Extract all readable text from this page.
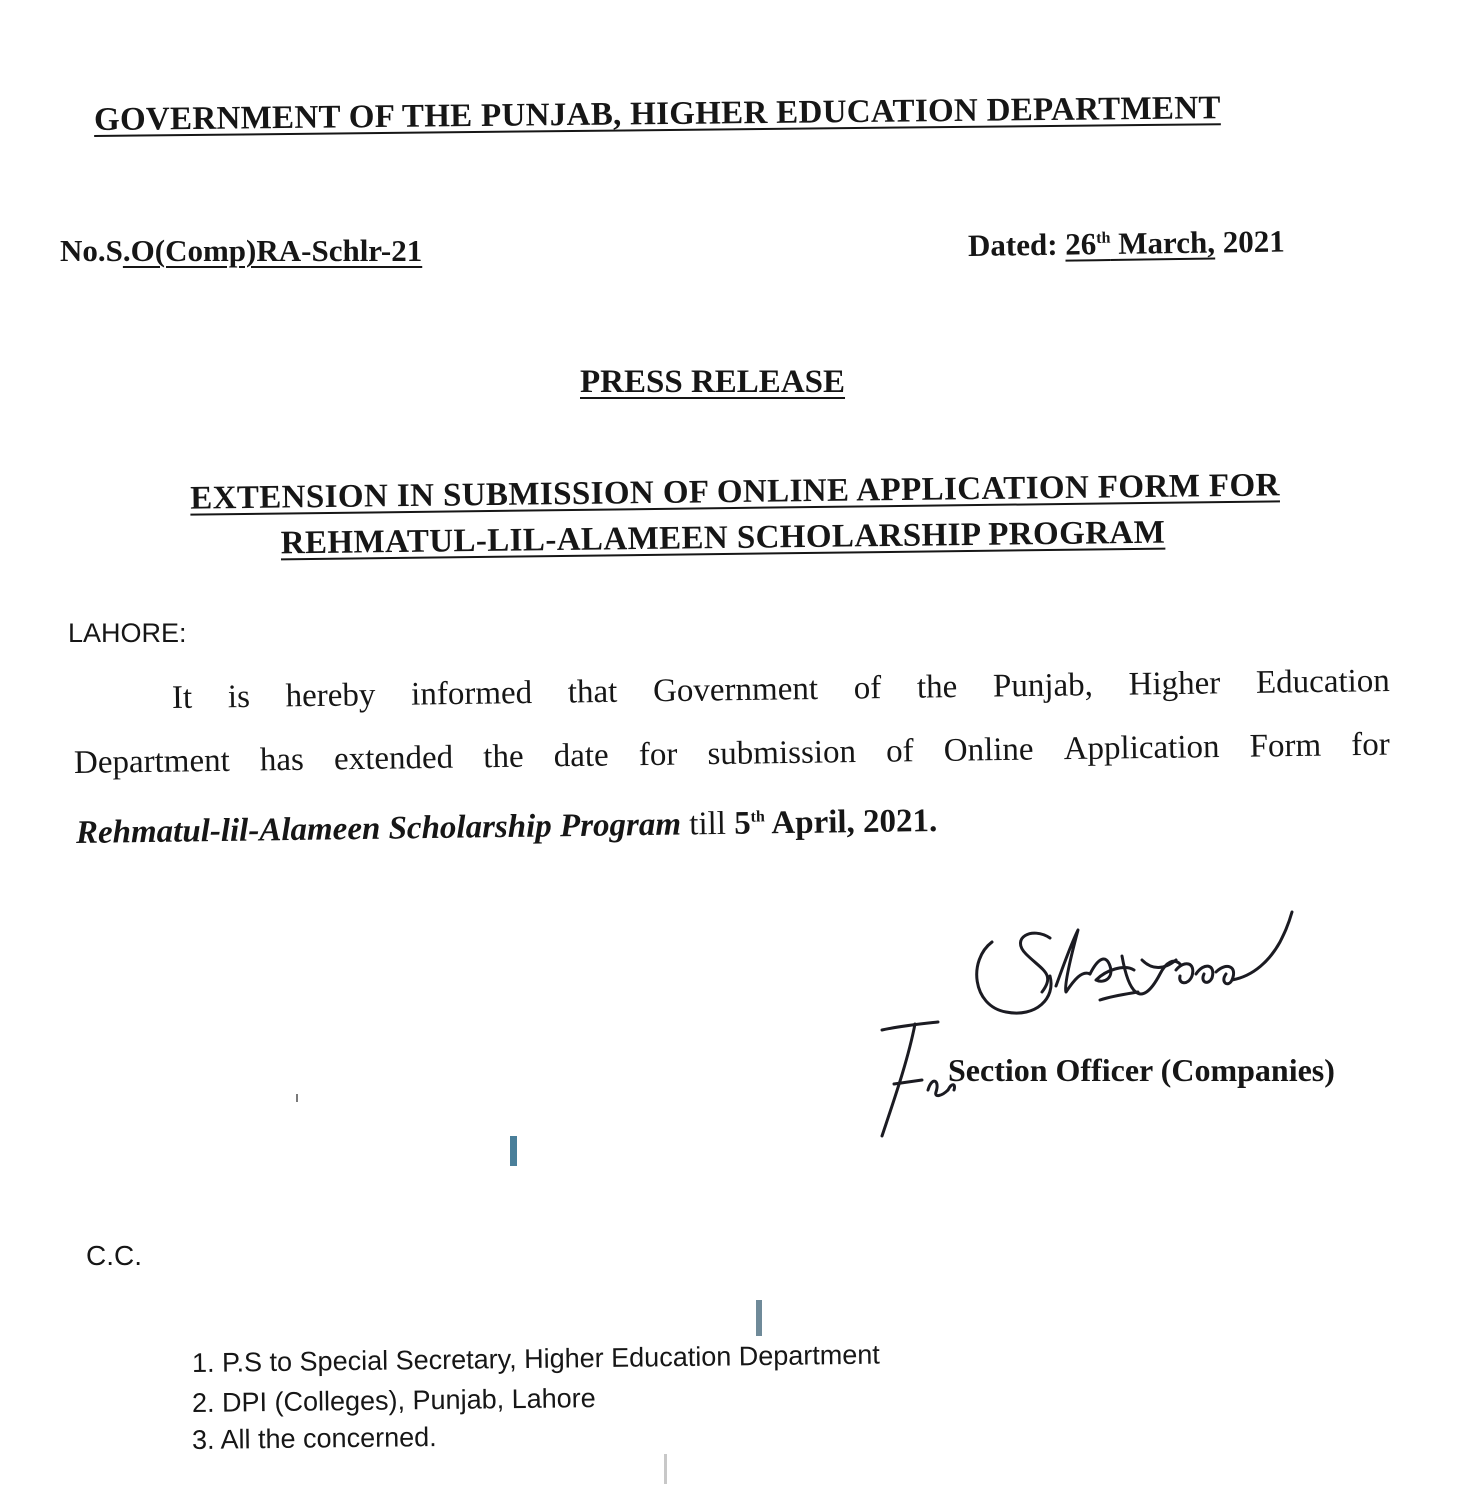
GOVERNMENT OF THE PUNJAB, HIGHER EDUCATION DEPARTMENT
No.S.O(Comp)RA-Schlr-21	Dated: 26th March, 2021
PRESS RELEASE
EXTENSION IN SUBMISSION OF ONLINE APPLICATION FORM FOR
REHMATUL-LIL-ALAMEEN SCHOLARSHIP PROGRAM
LAHORE:
It is hereby informed that Government of the Punjab, Higher Education
Department has extended the date for submission of Online Application Form for
Rehmatul-lil-Alameen Scholarship Program till 5th April, 2021.
Section Officer (Companies)
C.C.
1. P.S to Special Secretary, Higher Education Department
2. DPI (Colleges), Punjab, Lahore
3. All the concerned.
